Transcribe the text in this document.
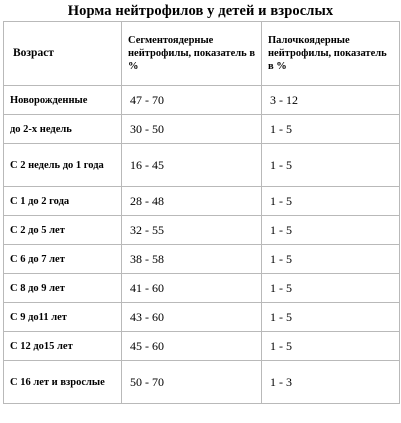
Норма нейтрофилов у детей и взрослых
Возраст	Сегментоядерные нейтрофилы, показатель в %	Палочкоядерные нейтрофилы, показатель в %
Новорожденные	47 - 70	3 - 12
до 2-х недель	30 - 50	1 - 5
С 2 недель до 1 года	16 - 45	1 - 5
С 1 до 2 года	28 - 48	1 - 5
С 2 до 5 лет	32 - 55	1 - 5
С 6 до 7 лет	38 - 58	1 - 5
С 8 до 9 лет	41 - 60	1 - 5
С 9 до11 лет	43 - 60	1 - 5
С 12 до15 лет	45 - 60	1 - 5
С 16 лет и взрослые	50 - 70	1 - 3
